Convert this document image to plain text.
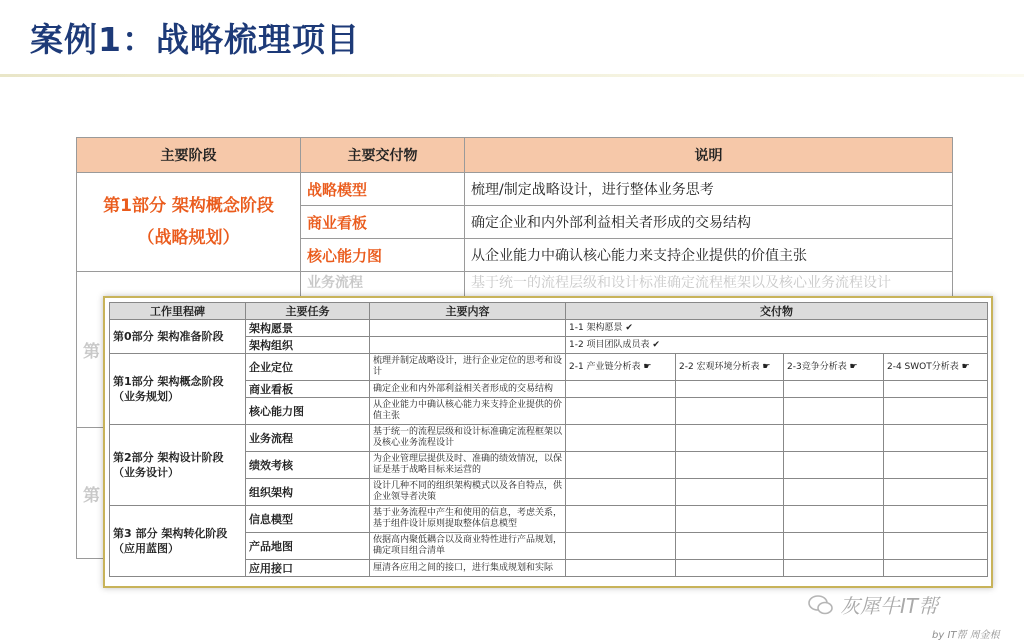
案例1：战略梳理项目
主要阶段	主要交付物	说明

第1部分 架构概念阶段
（战略规划）	战略模型	梳理/制定战略设计，进行整体业务思考
	商业看板	确定企业和内外部利益相关者形成的交易结构
	核心能力图	从企业能力中确认核心能力来支持企业提供的价值主张
第	业务流程	基于统一的流程层级和设计标准确定流程框架以及核心业务流程设计

第		
工作里程碑	主要任务	主要内容	交付物			
第0部分 架构准备阶段	架构愿景		1-1 架构愿景 ✔			
	架构组织		1-2 项目团队成员表 ✔			

第1部分 架构概念阶段
（业务规划）	企业定位	梳理并制定战略设计，进行企业定位的思考和设计	2-1 产业链分析表 ☛	2-2 宏观环境分析表 ☛	2-3竞争分析表 ☛	2-4 SWOT分析表 ☛
	商业看板	确定企业和内外部利益相关者形成的交易结构				
	核心能力图	从企业能力中确认核心能力来支持企业提供的价值主张				

第2部分 架构设计阶段
（业务设计）	业务流程	基于统一的流程层级和设计标准确定流程框架以及核心业务流程设计				
	绩效考核	为企业管理层提供及时、准确的绩效情况，以保证是基于战略目标来运营的				
	组织架构	设计几种不同的组织架构模式以及各自特点，供企业领导者决策				

第3 部分 架构转化阶段
（应用蓝图）	信息模型	基于业务流程中产生和使用的信息，考虑关系，基于组件设计原则提取整体信息模型				
	产品地图	依据高内聚低耦合以及商业特性进行产品规划，确定项目组合清单				
	应用接口	厘清各应用之间的接口，进行集成规划和实际				
灰犀牛IT帮
by IT帮 周金根
